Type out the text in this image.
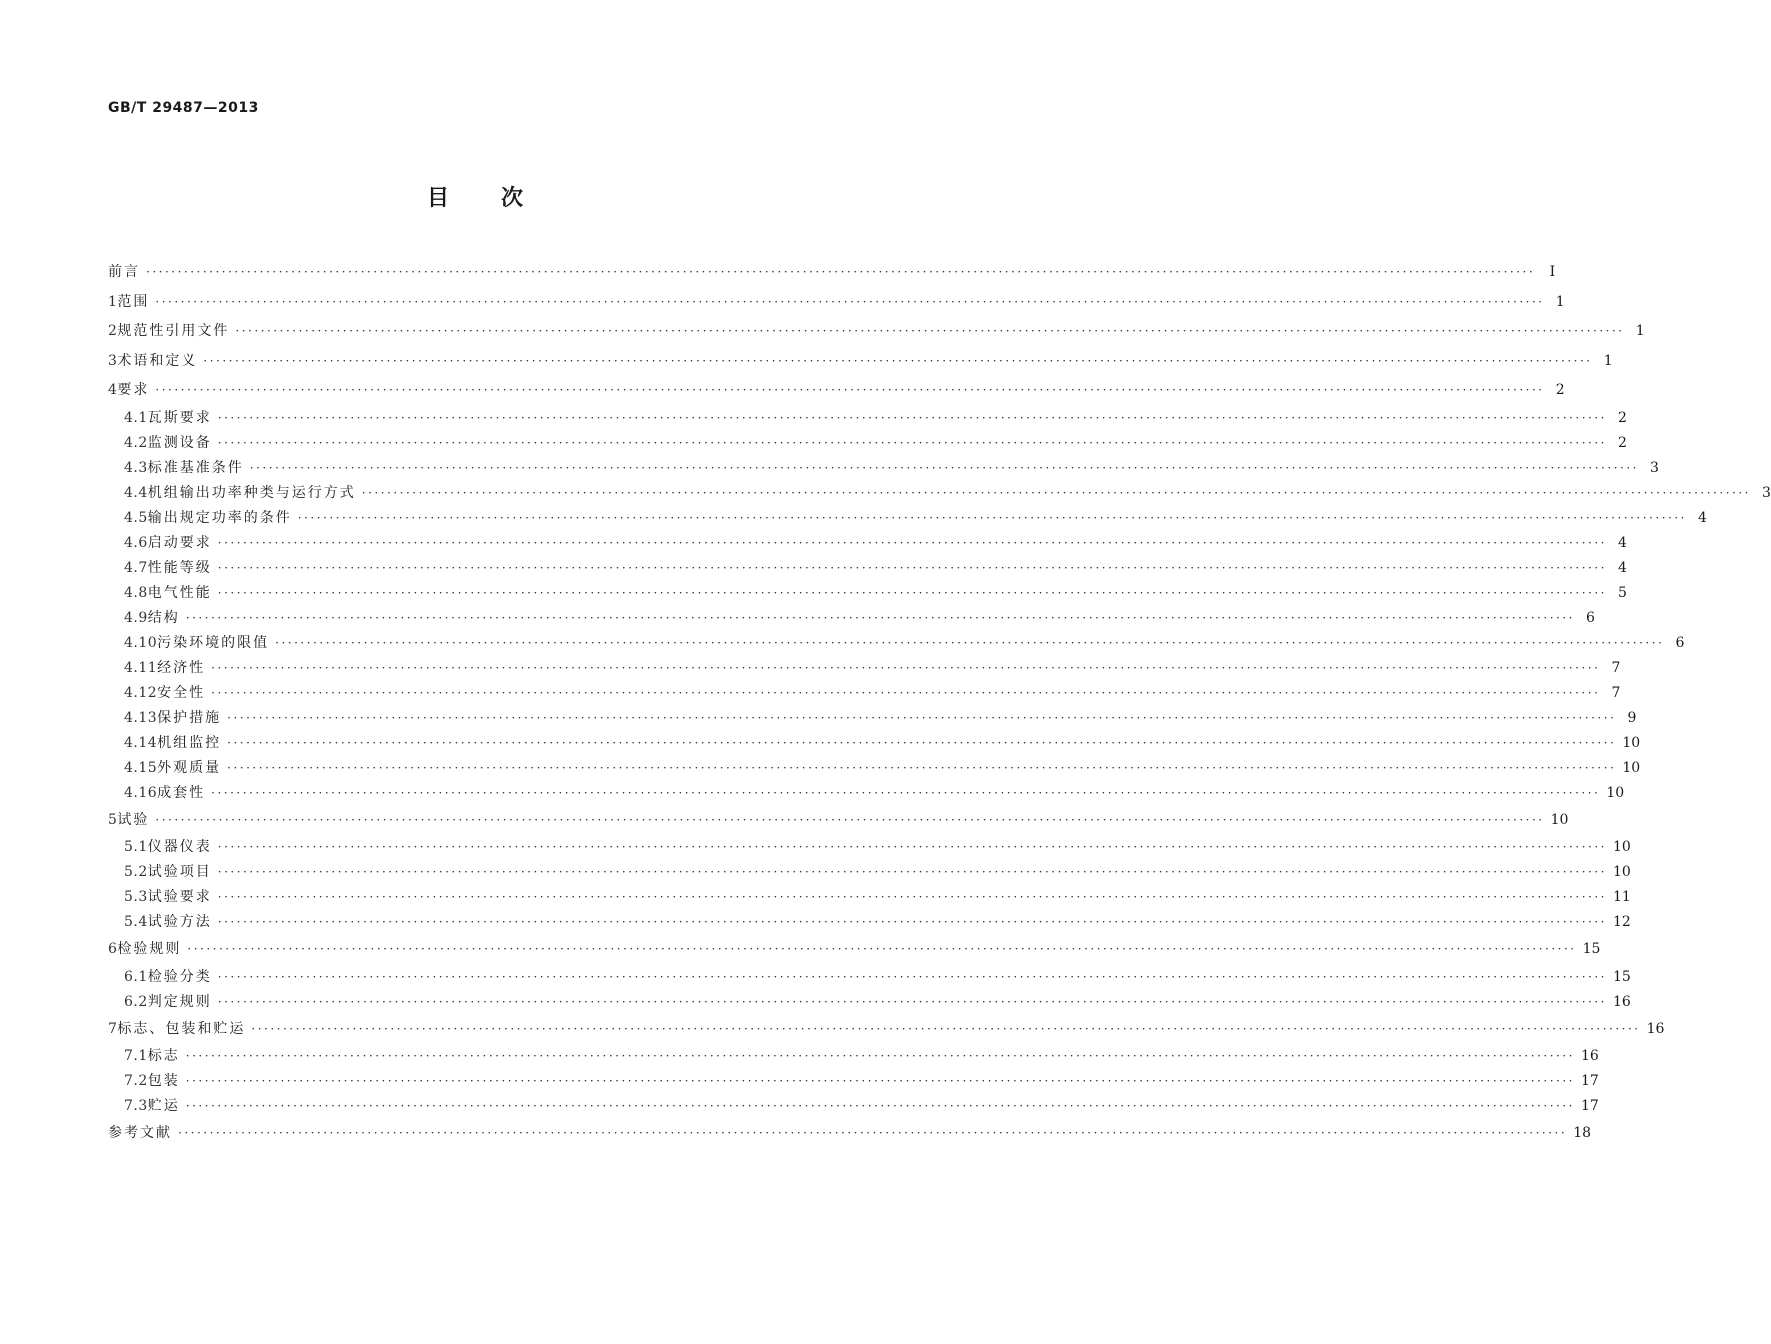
GB/T 29487—2013
目 次
前言 ····························································································································································································································	Ⅰ
1 范围 ···························································································································································································································· 1
2 规范性引用文件 ···························································································································································································································· 1
3 术语和定义 ···························································································································································································································· 1
4 要求 ···························································································································································································································· 2
4.1 瓦斯要求 ···························································································································································································································· 2
4.2 监测设备 ···························································································································································································································· 2
4.3 标准基准条件 ···························································································································································································································· 3
4.4 机组输出功率种类与运行方式 ···························································································································································································································· 3
4.5 输出规定功率的条件 ···························································································································································································································· 4
4.6 启动要求 ···························································································································································································································· 4
4.7 性能等级 ···························································································································································································································· 4
4.8 电气性能 ···························································································································································································································· 5
4.9 结构 ···························································································································································································································· 6
4.10 污染环境的限值 ···························································································································································································································· 6
4.11 经济性 ···························································································································································································································· 7
4.12 安全性 ···························································································································································································································· 7
4.13 保护措施 ···························································································································································································································· 9
4.14 机组监控 ···························································································································································································································· 10
4.15 外观质量 ···························································································································································································································· 10
4.16 成套性 ···························································································································································································································· 10
5 试验 ···························································································································································································································· 10
5.1 仪器仪表 ···························································································································································································································· 10
5.2 试验项目 ···························································································································································································································· 10
5.3 试验要求 ···························································································································································································································· 11
5.4 试验方法 ···························································································································································································································· 12
6 检验规则 ···························································································································································································································· 15
6.1 检验分类 ···························································································································································································································· 15
6.2 判定规则 ···························································································································································································································· 16
7 标志、包装和贮运 ···························································································································································································································· 16
7.1 标志 ···························································································································································································································· 16
7.2 包装 ···························································································································································································································· 17
7.3 贮运 ···························································································································································································································· 17
参考文献 ···························································································································································································································· 18
